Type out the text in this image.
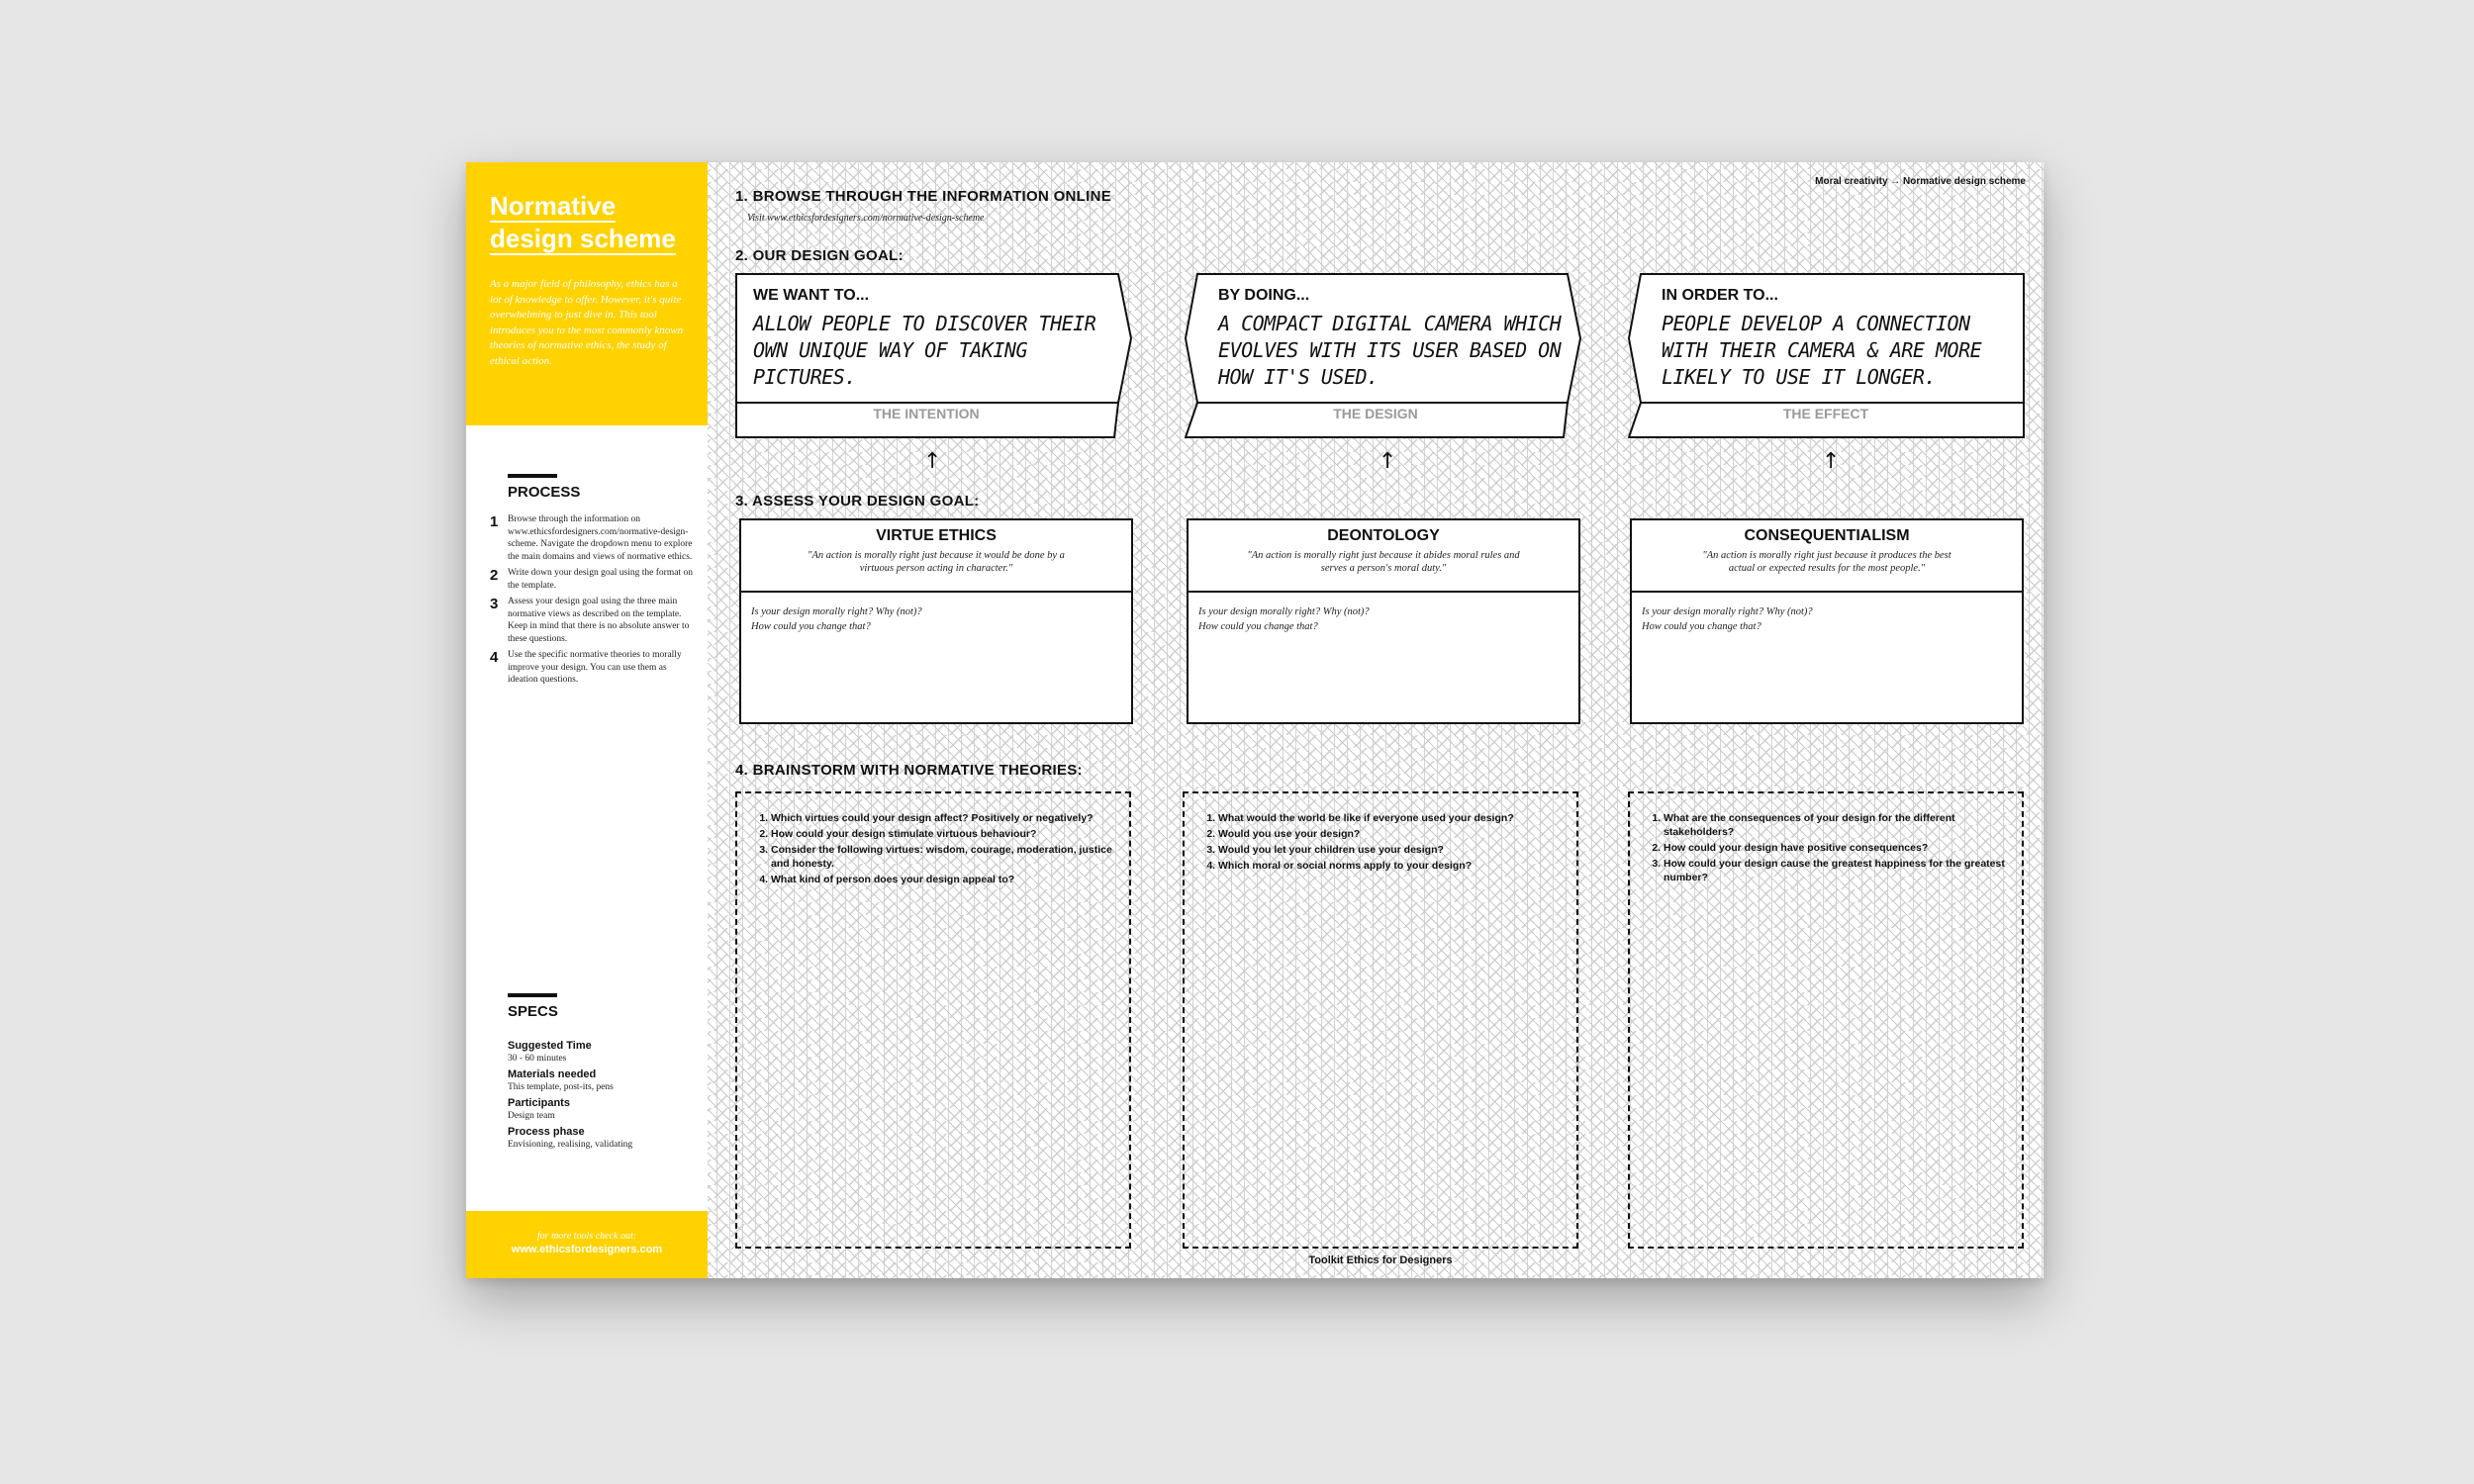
Normative
design scheme
As a major field of philosophy, ethics has a lot of knowledge to offer. However, it's quite overwhelming to just dive in. This tool introduces you to the most commonly known theories of normative ethics, the study of ethical action.
PROCESS
1 Browse through the information on www.ethicsfordesigners.com/normative-design-scheme. Navigate the dropdown menu to explore the main domains and views of normative ethics.
2 Write down your design goal using the format on the template.
3 Assess your design goal using the three main normative views as described on the template. Keep in mind that there is no absolute answer to these questions.
4 Use the specific normative theories to morally improve your design. You can use them as ideation questions.
SPECS
Suggested Time
30 - 60 minutes
Materials needed
This template, post-its, pens
Participants
Design team
Process phase
Envisioning, realising, validating
for more tools check out:
www.ethicsfordesigners.com
Moral creativity → Normative design scheme
1. BROWSE THROUGH THE INFORMATION ONLINE
Visit www.ethicsfordesigners.com/normative-design-scheme
2. OUR DESIGN GOAL:
WE WANT TO...
ALLOW PEOPLE TO DISCOVER THEIR OWN UNIQUE WAY OF TAKING PICTURES.
THE INTENTION
BY DOING...
A COMPACT DIGITAL CAMERA WHICH EVOLVES WITH ITS USER BASED ON HOW IT'S USED.
THE DESIGN
IN ORDER TO...
PEOPLE DEVELOP A CONNECTION WITH THEIR CAMERA & ARE MORE LIKELY TO USE IT LONGER.
THE EFFECT
↑	↑	↑
3. ASSESS YOUR DESIGN GOAL:
VIRTUE ETHICS
"An action is morally right just because it would be done by a virtuous person acting in character."
Is your design morally right? Why (not)?
How could you change that?
DEONTOLOGY
"An action is morally right just because it abides moral rules and serves a person's moral duty."
Is your design morally right? Why (not)?
How could you change that?
CONSEQUENTIALISM
"An action is morally right just because it produces the best actual or expected results for the most people."
Is your design morally right? Why (not)?
How could you change that?
4. BRAINSTORM WITH NORMATIVE THEORIES:
1. Which virtues could your design affect? Positively or negatively?
2. How could your design stimulate virtuous behaviour?
3. Consider the following virtues: wisdom, courage, moderation, justice and honesty.
4. What kind of person does your design appeal to?
1. What would the world be like if everyone used your design?
2. Would you use your design?
3. Would you let your children use your design?
4. Which moral or social norms apply to your design?
1. What are the consequences of your design for the different stakeholders?
2. How could your design have positive consequences?
3. How could your design cause the greatest happiness for the greatest number?
Toolkit Ethics for Designers
